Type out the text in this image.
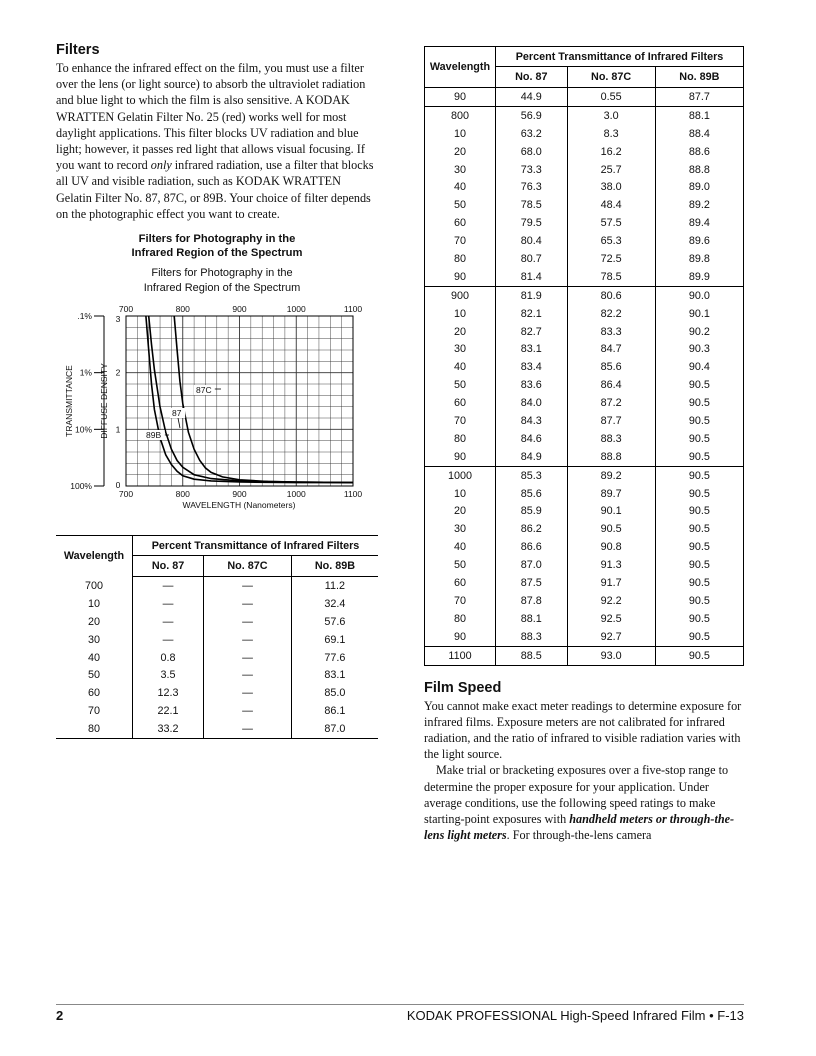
Filters

To enhance the infrared effect on the film, you must use a filter over the lens (or light source) to absorb the ultraviolet radiation and blue light to which the film is also sensitive. A KODAK WRATTEN Gelatin Filter No. 25 (red) works well for most daylight applications. This filter blocks UV radiation and blue light; however, it passes red light that allows visual focusing. If you want to record only infrared radiation, use a filter that blocks all UV and visible radiation, such as KODAK WRATTEN Gelatin Filter No. 87, 87C, or 89B. Your choice of filter depends on the photographic effect you want to create.

Filters for Photography in the
Infrared Region of the Spectrum
Filters for Photography in the
Infrared Region of the Spectrum
700
700
800
800
900
900
1000
1000
1100
1100
0
1
2
3
WAVELENGTH (Nanometers)
DIFFUSE DENSITY
TRANSMITTANCE
.1%
1%
10%
100%
89B
87
87C
Wavelength	Percent Transmittance of Infrared Filters		
	No. 87	No. 87C	No. 89B
700	—	—	11.2
10	—	—	32.4
20	—	—	57.6
30	—	—	69.1
40	0.8	—	77.6
50	3.5	—	83.1
60	12.3	—	85.0
70	22.1	—	86.1
80	33.2	—	87.0
Wavelength	Percent Transmittance of Infrared Filters		
	No. 87	No. 87C	No. 89B
90	44.9	0.55	87.7
800	56.9	3.0	88.1
10	63.2	8.3	88.4
20	68.0	16.2	88.6
30	73.3	25.7	88.8
40	76.3	38.0	89.0
50	78.5	48.4	89.2
60	79.5	57.5	89.4
70	80.4	65.3	89.6
80	80.7	72.5	89.8
90	81.4	78.5	89.9
900	81.9	80.6	90.0
10	82.1	82.2	90.1
20	82.7	83.3	90.2
30	83.1	84.7	90.3
40	83.4	85.6	90.4
50	83.6	86.4	90.5
60	84.0	87.2	90.5
70	84.3	87.7	90.5
80	84.6	88.3	90.5
90	84.9	88.8	90.5
1000	85.3	89.2	90.5
10	85.6	89.7	90.5
20	85.9	90.1	90.5
30	86.2	90.5	90.5
40	86.6	90.8	90.5
50	87.0	91.3	90.5
60	87.5	91.7	90.5
70	87.8	92.2	90.5
80	88.1	92.5	90.5
90	88.3	92.7	90.5
1100	88.5	93.0	90.5
Film Speed

You cannot make exact meter readings to determine exposure for infrared films. Exposure meters are not calibrated for infrared radiation, and the ratio of infrared to visible radiation varies with the light source.

Make trial or bracketing exposures over a five-stop range to determine the proper exposure for your application. Under average conditions, use the following speed ratings to make starting-point exposures with handheld meters or through-the-lens light meters. For through-the-lens camera

2	KODAK PROFESSIONAL High-Speed Infrared Film • F-13
